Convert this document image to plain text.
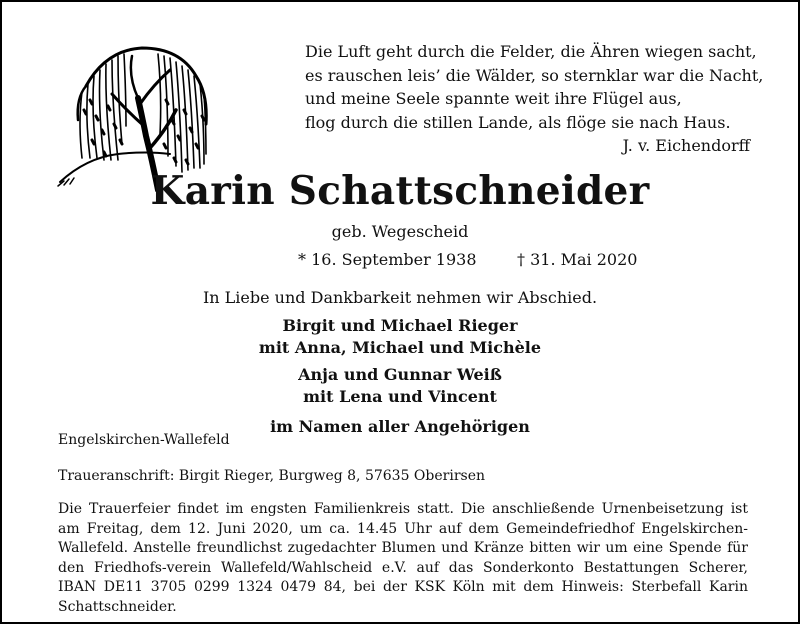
Die Luft geht durch die Felder, die Ähren wiegen sacht,
es rauschen leis’ die Wälder, so sternklar war die Nacht,
und meine Seele spannte weit ihre Flügel aus,
flog durch die stillen Lande, als flöge sie nach Haus.
J. v. Eichendorff
Karin Schattschneider
geb. Wegescheid
* 16. September 1938	† 31. Mai 2020
In Liebe und Dankbarkeit nehmen wir Abschied.
Birgit und Michael Rieger
mit Anna, Michael und Michèle
Anja und Gunnar Weiß
mit Lena und Vincent
im Namen aller Angehörigen
Engelskirchen-Wallefeld
Traueranschrift: Birgit Rieger, Burgweg 8, 57635 Oberirsen
Die Trauerfeier findet im engsten Familienkreis statt. Die anschließende Urnenbeisetzung ist am Freitag, dem 12. Juni 2020, um ca. 14.45 Uhr auf dem Gemeindefriedhof Engelskirchen-Wallefeld. Anstelle freundlichst zugedachter Blumen und Kränze bitten wir um eine Spende für den Friedhofs-verein Wallefeld/Wahlscheid e.V. auf das Sonderkonto Bestattungen Scherer, IBAN DE11 3705 0299 1324 0479 84, bei der KSK Köln mit dem Hinweis: Sterbefall Karin Schattschneider.
